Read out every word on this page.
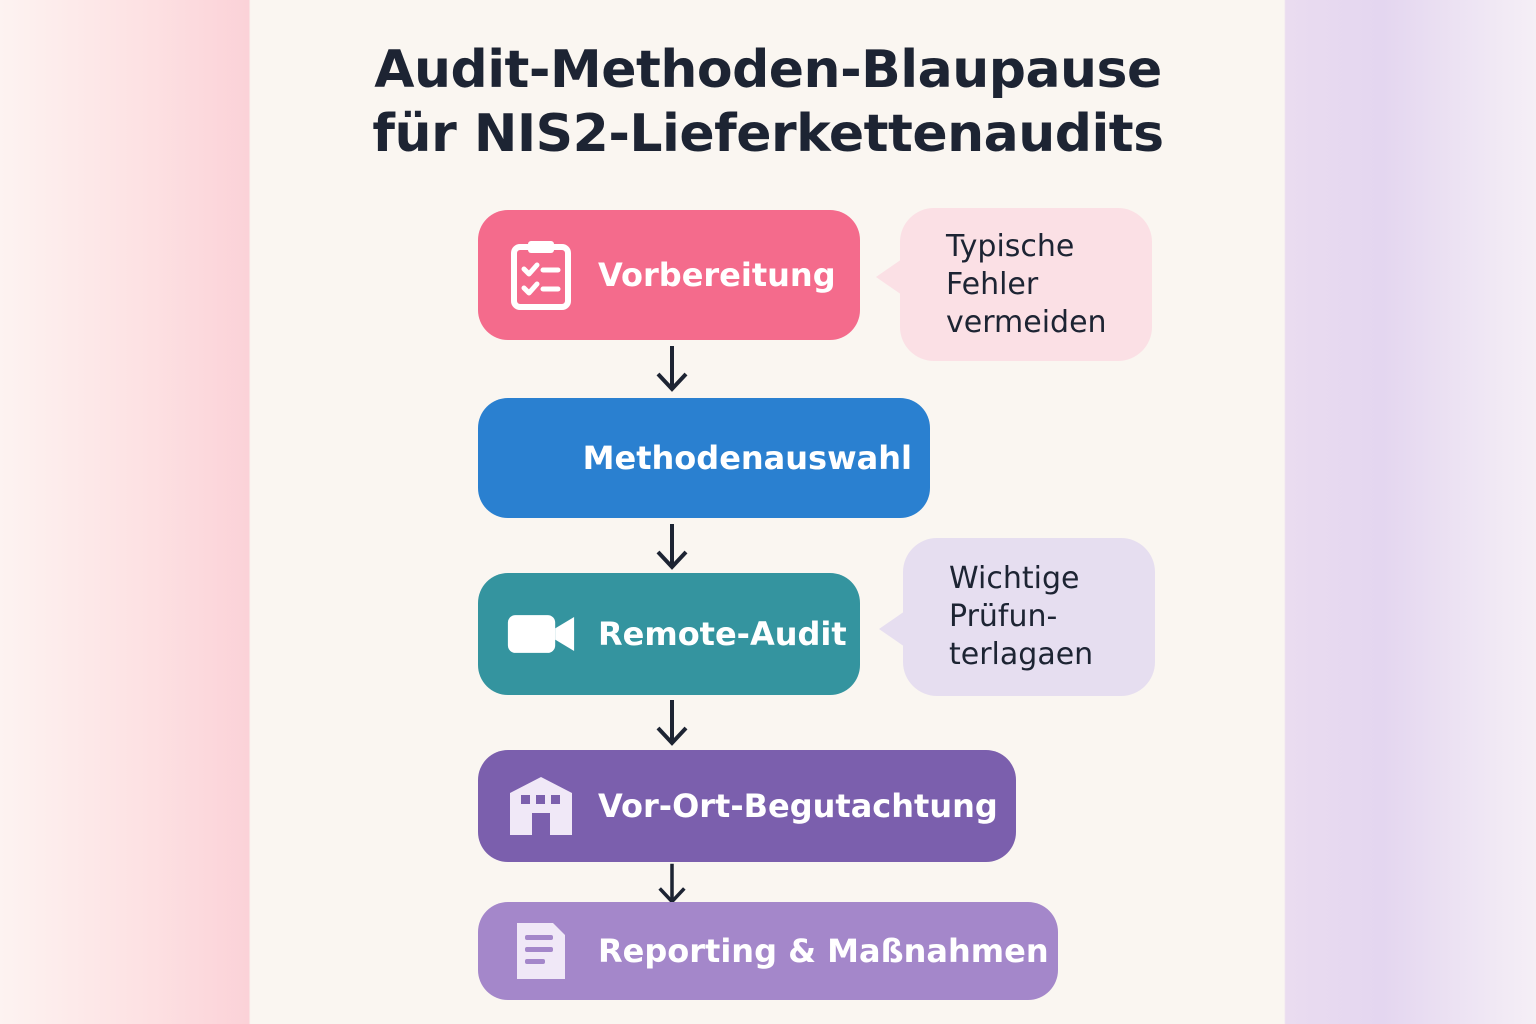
Audit-Methoden-Blaupause
für NIS2-Lieferkettenaudits
Vorbereitung
Methodenauswahl
Remote-Audit
Vor-Ort-Begutachtung
Reporting & Maßnahmen
Typische
Fehler
vermeiden
Wichtige
Prüfun-
terlagaen
